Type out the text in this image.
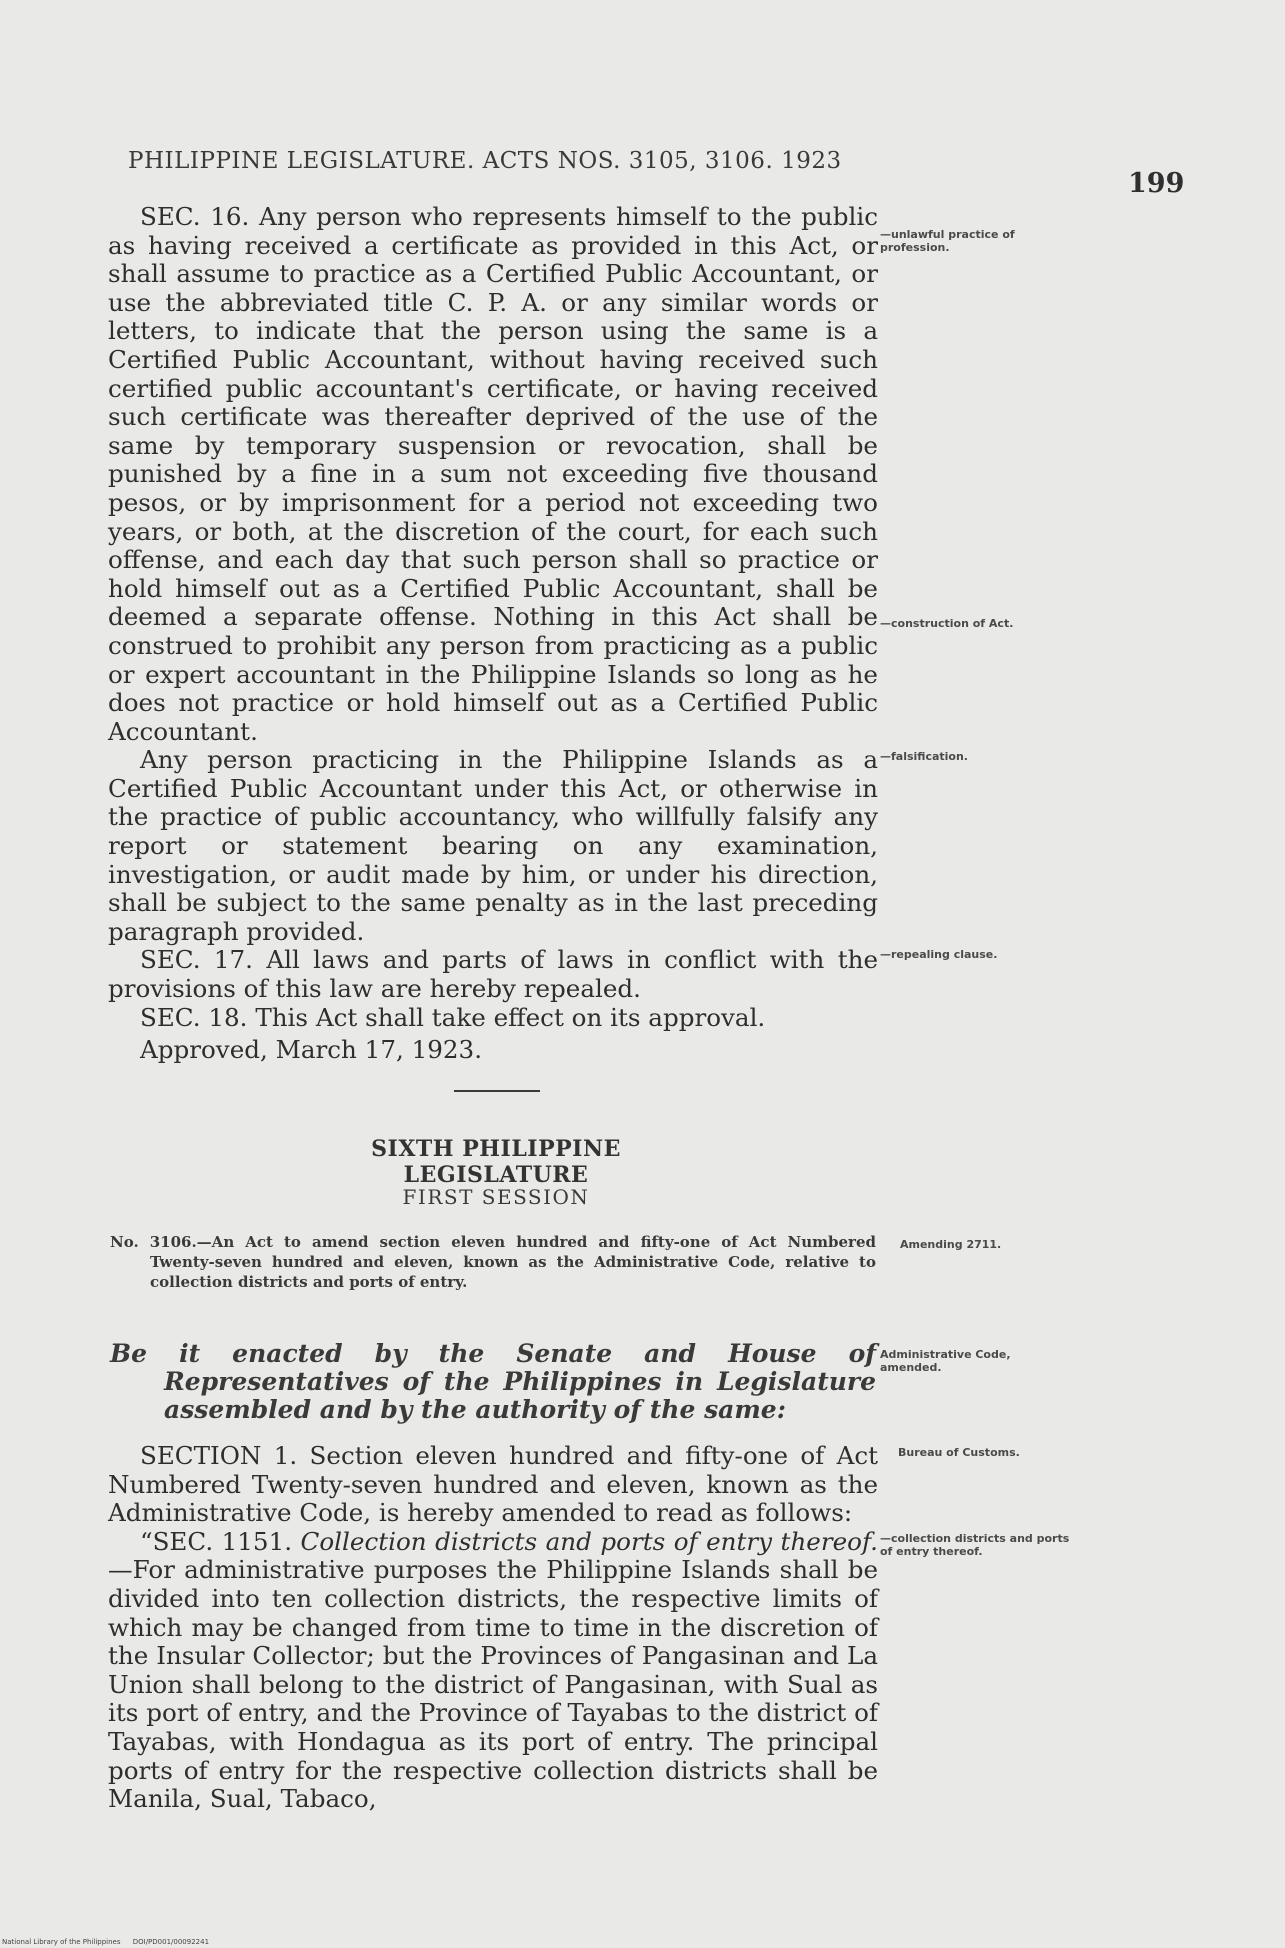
PHILIPPINE LEGISLATURE. ACTS NOS. 3105, 3106. 1923
199

SEC. 16. Any person who represents himself to the public as having received a certificate as provided in this Act, or shall assume to practice as a Certified Public Accountant, or use the abbreviated title C. P. A. or any similar words or letters, to indicate that the person using the same is a Certified Public Accountant, without having received such certified public accountant's certificate, or having received such certificate was thereafter deprived of the use of the same by temporary suspension or revocation, shall be punished by a fine in a sum not exceeding five thousand pesos, or by imprisonment for a period not exceeding two years, or both, at the discretion of the court, for each such offense, and each day that such person shall so practice or hold himself out as a Certified Public Accountant, shall be deemed a separate offense. Nothing in this Act shall be construed to prohibit any person from practicing as a public or expert accountant in the Philippine Islands so long as he does not practice or hold himself out as a Certified Public Accountant.

Any person practicing in the Philippine Islands as a Certified Public Accountant under this Act, or otherwise in the practice of public accountancy, who willfully falsify any report or statement bearing on any examination, investigation, or audit made by him, or under his direction, shall be subject to the same penalty as in the last preceding paragraph provided.

SEC. 17. All laws and parts of laws in conflict with the provisions of this law are hereby repealed.

SEC. 18. This Act shall take effect on its approval.

Approved, March 17, 1923.

—unlawful practice of profession.
—construction of Act.
—falsification.
—repealing clause.
Amending 2711.
Administrative Code, amended.
Bureau of Customs.
—collection districts and ports of entry thereof.
SIXTH PHILIPPINE LEGISLATURE
FIRST SESSION
No. 3106.—An Act to amend section eleven hundred and fifty-one of Act Numbered Twenty-seven hundred and eleven, known as the Administrative Code, relative to collection districts and ports of entry.
Be it enacted by the Senate and House of Representatives of the Philippines in Legislature assembled and by the authority of the same:

SECTION 1. Section eleven hundred and fifty-one of Act Numbered Twenty-seven hundred and eleven, known as the Administrative Code, is hereby amended to read as follows:

“SEC. 1151. Collection districts and ports of entry thereof.—For administrative purposes the Philippine Islands shall be divided into ten collection districts, the respective limits of which may be changed from time to time in the discretion of the Insular Collector; but the Provinces of Pangasinan and La Union shall belong to the district of Pangasinan, with Sual as its port of entry, and the Province of Tayabas to the district of Tayabas, with Hondagua as its port of entry. The principal ports of entry for the respective collection districts shall be Manila, Sual, Tabaco,

National Library of the Philippines DOI/PD001/00092241
